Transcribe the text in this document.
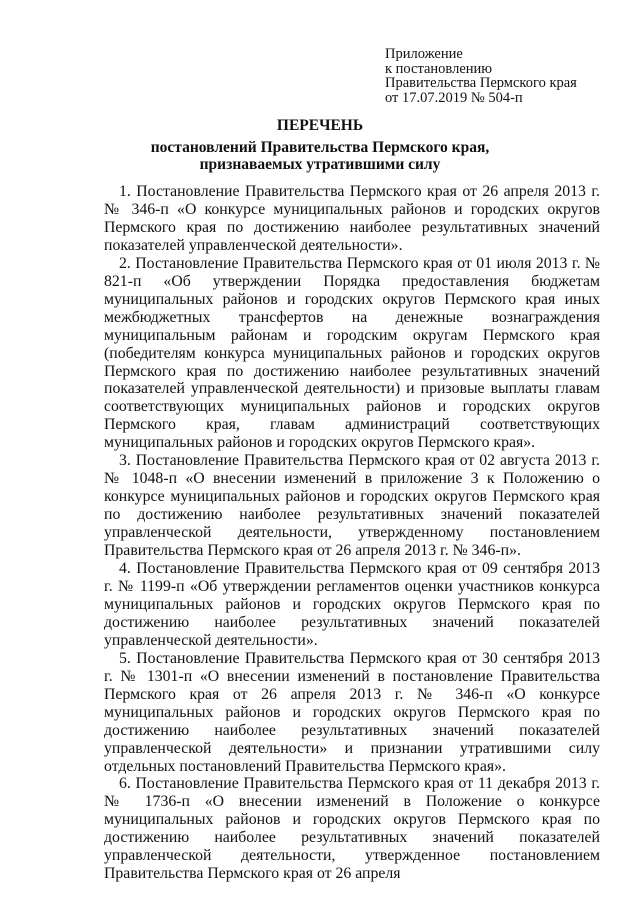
Приложение
к постановлению
Правительства Пермского края
от 17.07.2019 № 504-п
ПЕРЕЧЕНЬ
постановлений Правительства Пермского края,
признаваемых утратившими силу

1. Постановление Правительства Пермского края от 26 апреля 2013 г. № 346-п «О конкурсе муниципальных районов и городских округов Пермского края по достижению наиболее результативных значений показателей управленческой деятельности».

2. Постановление Правительства Пермского края от 01 июля 2013 г. № 821-п «Об утверждении Порядка предоставления бюджетам муниципальных районов и городских округов Пермского края иных межбюджетных трансфертов на денежные вознаграждения муниципальным районам и городским округам Пермского края (победителям конкурса муниципальных районов и городских округов Пермского края по достижению наиболее результативных значений показателей управленческой деятельности) и призовые выплаты главам соответствующих муниципальных районов и городских округов Пермского края, главам администраций соответствующих муниципальных районов и городских округов Пермского края».

3. Постановление Правительства Пермского края от 02 августа 2013 г. № 1048-п «О внесении изменений в приложение 3 к Положению о конкурсе муниципальных районов и городских округов Пермского края по достижению наиболее результативных значений показателей управленческой деятельности, утвержденному постановлением Правительства Пермского края от 26 апреля 2013 г. № 346-п».

4. Постановление Правительства Пермского края от 09 сентября 2013 г. № 1199-п «Об утверждении регламентов оценки участников конкурса муниципальных районов и городских округов Пермского края по достижению наиболее результативных значений показателей управленческой деятельности».

5. Постановление Правительства Пермского края от 30 сентября 2013 г. № 1301-п «О внесении изменений в постановление Правительства Пермского края от 26 апреля 2013 г. № 346-п «О конкурсе муниципальных районов и городских округов Пермского края по достижению наиболее результативных значений показателей управленческой деятельности» и признании утратившими силу отдельных постановлений Правительства Пермского края».

6. Постановление Правительства Пермского края от 11 декабря 2013 г. № 1736-п «О внесении изменений в Положение о конкурсе муниципальных районов и городских округов Пермского края по достижению наиболее результативных значений показателей управленческой деятельности, утвержденное постановлением Правительства Пермского края от 26 апреля
